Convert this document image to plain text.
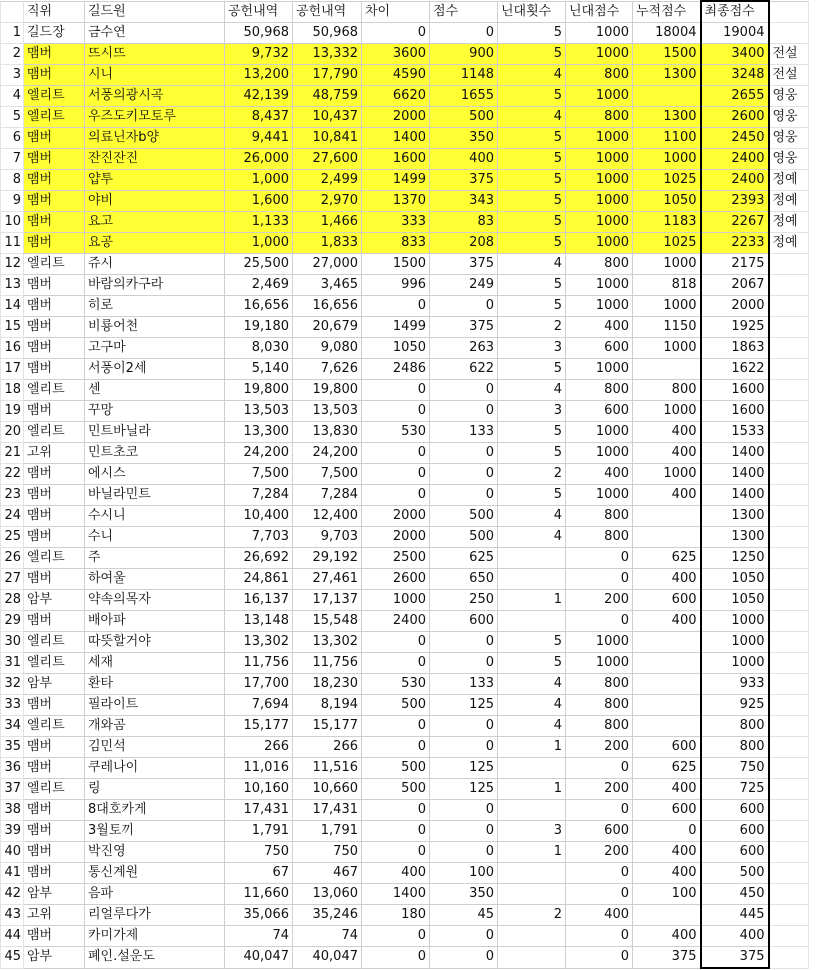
	직위	길드원	공헌내역	공헌내역	차이	점수	닌대횟수	닌대점수	누적점수	최종점수	
1	길드장	금수연	50,968	50,968	0	0	5	1000	18004	19004	
2	맴버	뜨시뜨	9,732	13,332	3600	900	5	1000	1500	3400	전설
3	맴버	시니	13,200	17,790	4590	1148	4	800	1300	3248	전설
4	엘리트	서풍의광시곡	42,139	48,759	6620	1655	5	1000		2655	영웅
5	엘리트	우즈도키모토루	8,437	10,437	2000	500	4	800	1300	2600	영웅
6	맴버	의료닌자b양	9,441	10,841	1400	350	5	1000	1100	2450	영웅
7	맴버	잔진잔진	26,000	27,600	1600	400	5	1000	1000	2400	영웅
8	맴버	얍투	1,000	2,499	1499	375	5	1000	1025	2400	정예
9	맴버	야비	1,600	2,970	1370	343	5	1000	1050	2393	정예
10	맴버	요고	1,133	1,466	333	83	5	1000	1183	2267	정예
11	맴버	요공	1,000	1,833	833	208	5	1000	1025	2233	정예
12	엘리트	쥬시	25,500	27,000	1500	375	4	800	1000	2175	
13	맴버	바람의카구라	2,469	3,465	996	249	5	1000	818	2067	
14	맴버	히로	16,656	16,656	0	0	5	1000	1000	2000	
15	맴버	비룡어천	19,180	20,679	1499	375	2	400	1150	1925	
16	맴버	고구마	8,030	9,080	1050	263	3	600	1000	1863	
17	맴버	서풍이2세	5,140	7,626	2486	622	5	1000		1622	
18	엘리트	센	19,800	19,800	0	0	4	800	800	1600	
19	맴버	꾸망	13,503	13,503	0	0	3	600	1000	1600	
20	엘리트	민트바닐라	13,300	13,830	530	133	5	1000	400	1533	
21	고위	민트초코	24,200	24,200	0	0	5	1000	400	1400	
22	맴버	에시스	7,500	7,500	0	0	2	400	1000	1400	
23	맴버	바닐라민트	7,284	7,284	0	0	5	1000	400	1400	
24	맴버	수시니	10,400	12,400	2000	500	4	800		1300	
25	맴버	수니	7,703	9,703	2000	500	4	800		1300	
26	엘리트	주	26,692	29,192	2500	625		0	625	1250	
27	맴버	하여울	24,861	27,461	2600	650		0	400	1050	
28	암부	약속의목자	16,137	17,137	1000	250	1	200	600	1050	
29	맴버	배아파	13,148	15,548	2400	600		0	400	1000	
30	엘리트	따뜻할거야	13,302	13,302	0	0	5	1000		1000	
31	엘리트	세재	11,756	11,756	0	0	5	1000		1000	
32	암부	환타	17,700	18,230	530	133	4	800		933	
33	맴버	필라이트	7,694	8,194	500	125	4	800		925	
34	엘리트	개와곰	15,177	15,177	0	0	4	800		800	
35	맴버	김민석	266	266	0	0	1	200	600	800	
36	맴버	쿠레나이	11,016	11,516	500	125		0	625	750	
37	엘리트	링	10,160	10,660	500	125	1	200	400	725	
38	맴버	8대호카게	17,431	17,431	0	0		0	600	600	
39	맴버	3월토끼	1,791	1,791	0	0	3	600	0	600	
40	맴버	박진영	750	750	0	0	1	200	400	600	
41	맴버	통신계원	67	467	400	100		0	400	500	
42	암부	음파	11,660	13,060	1400	350		0	100	450	
43	고위	리얼루다가	35,066	35,246	180	45	2	400		445	
44	맴버	카미가제	74	74	0	0		0	400	400	
45	암부	폐인.설운도	40,047	40,047	0	0		0	375	375	
